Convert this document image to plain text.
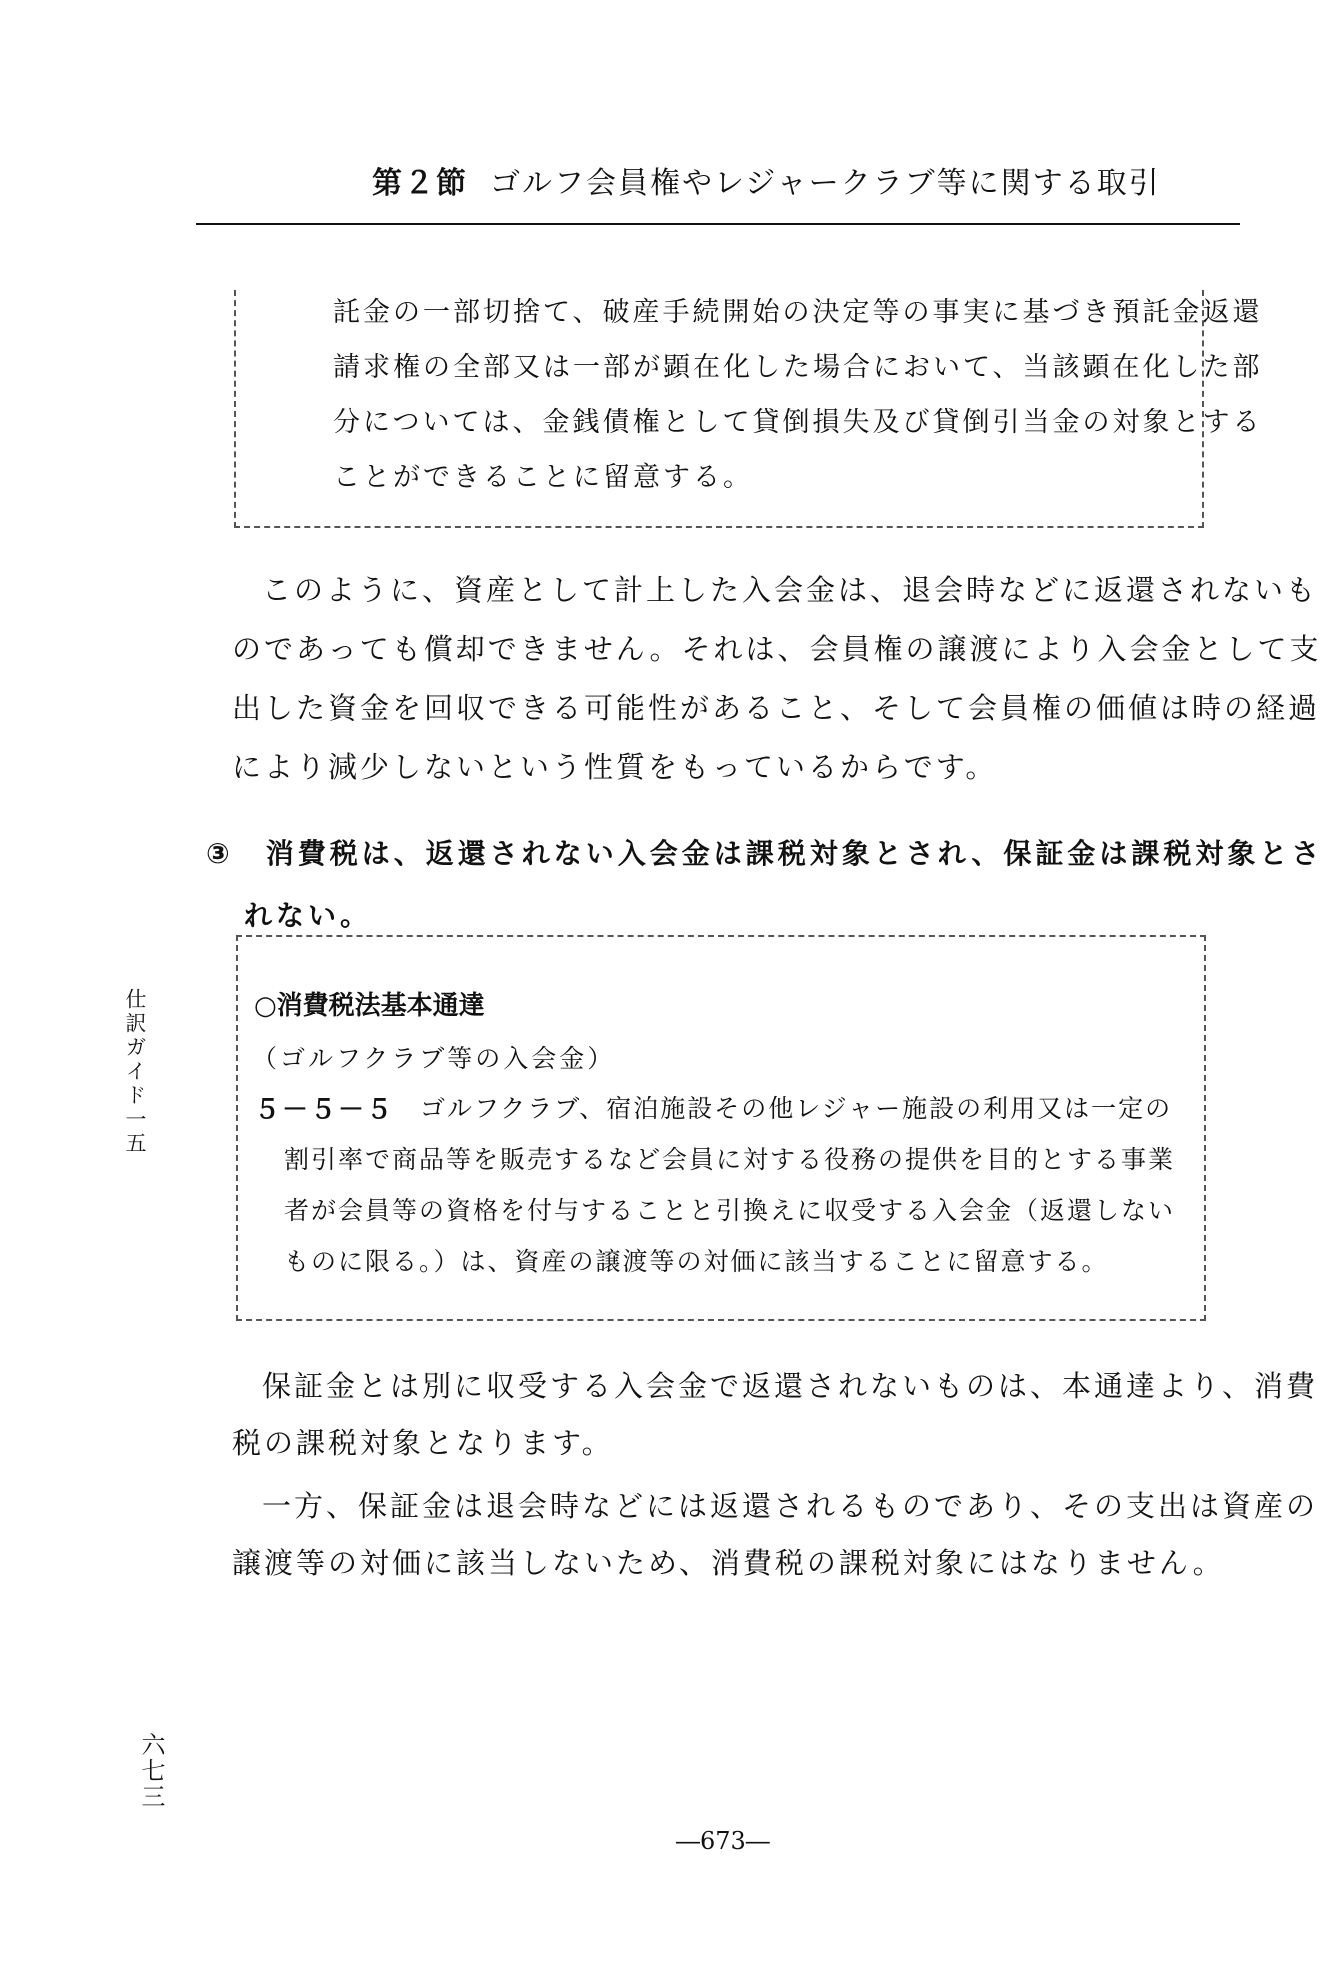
第２節 ゴルフ会員権やレジャークラブ等に関する取引

託金の一部切捨て、破産手続開始の決定等の事実に基づき預託金返還

請求権の全部又は一部が顕在化した場合において、当該顕在化した部

分については、金銭債権として貸倒損失及び貸倒引当金の対象とする

ことができることに留意する。

このように、資産として計上した入会金は、退会時などに返還されないも

のであっても償却できません。それは、会員権の譲渡により入会金として支

出した資金を回収できる可能性があること、そして会員権の価値は時の経過

により減少しないという性質をもっているからです。

③　消費税は、返還されない入会金は課税対象とされ、保証金は課税対象とさ

れない。

○消費税法基本通達

（ゴルフクラブ等の入会金）

５－５－５ ゴルフクラブ、宿泊施設その他レジャー施設の利用又は一定の

割引率で商品等を販売するなど会員に対する役務の提供を目的とする事業

者が会員等の資格を付与することと引換えに収受する入会金（返還しない

ものに限る。）は、資産の譲渡等の対価に該当することに留意する。

保証金とは別に収受する入会金で返還されないものは、本通達より、消費

税の課税対象となります。

一方、保証金は退会時などには返還されるものであり、その支出は資産の

譲渡等の対価に該当しないため、消費税の課税対象にはなりません。

仕訳ガイド一五
六七三
―673―
